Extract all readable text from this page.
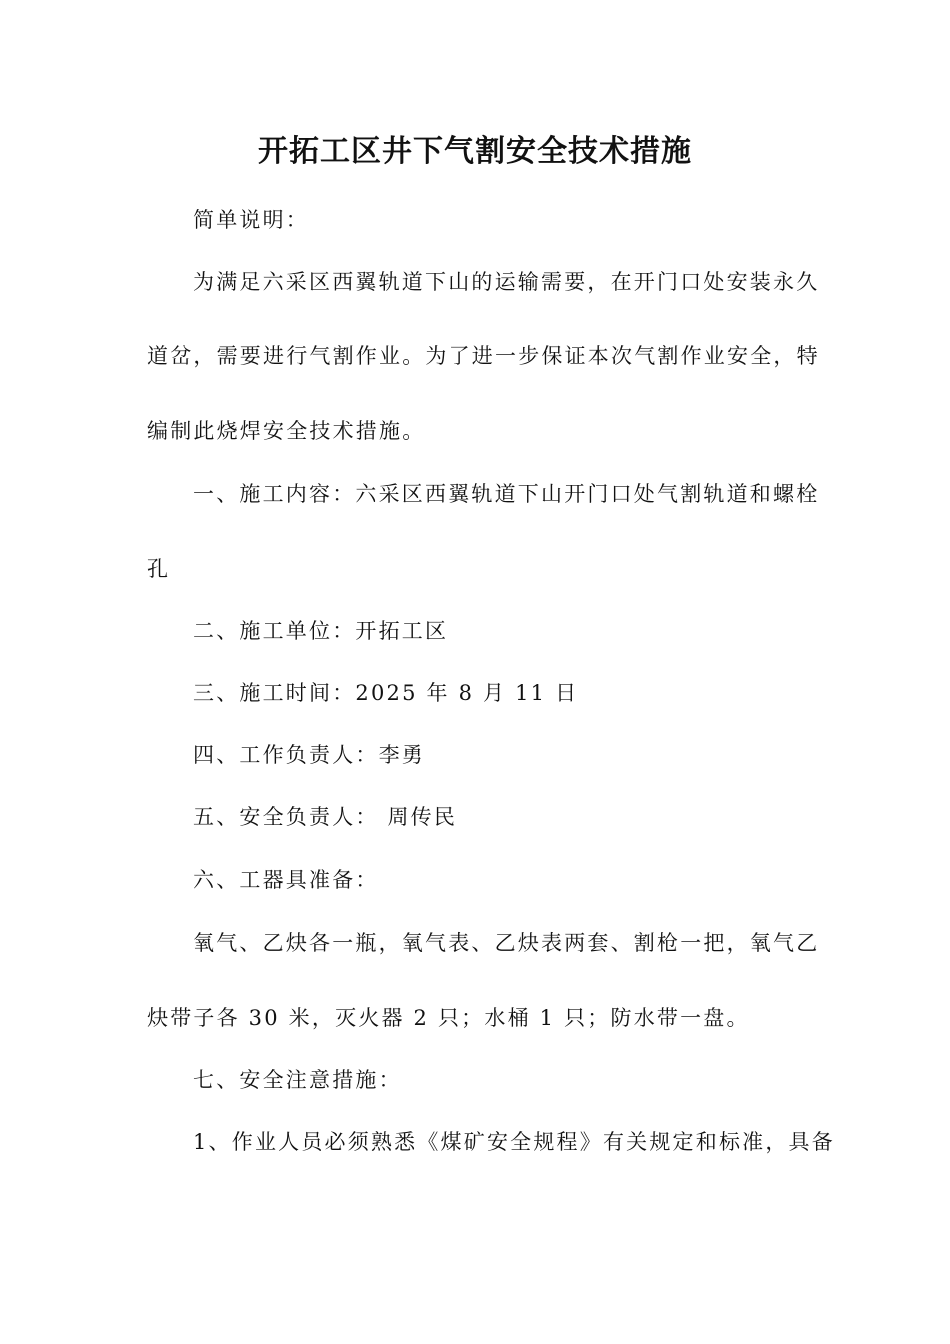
开拓工区井下气割安全技术措施
简单说明：
为满足六采区西翼轨道下山的运输需要，在开门口处安装永久
道岔，需要进行气割作业。为了进一步保证本次气割作业安全，特
编制此烧焊安全技术措施。
一、施工内容：六采区西翼轨道下山开门口处气割轨道和螺栓
孔
二、施工单位：开拓工区
三、施工时间：2025 年 8 月 11 日
四、工作负责人：李勇
五、安全负责人： 周传民
六、工器具准备：
氧气、乙炔各一瓶，氧气表、乙炔表两套、割枪一把，氧气乙
炔带子各 30 米，灭火器 2 只；水桶 1 只；防水带一盘。
七、安全注意措施：
1、作业人员必须熟悉《煤矿安全规程》有关规定和标准，具备
